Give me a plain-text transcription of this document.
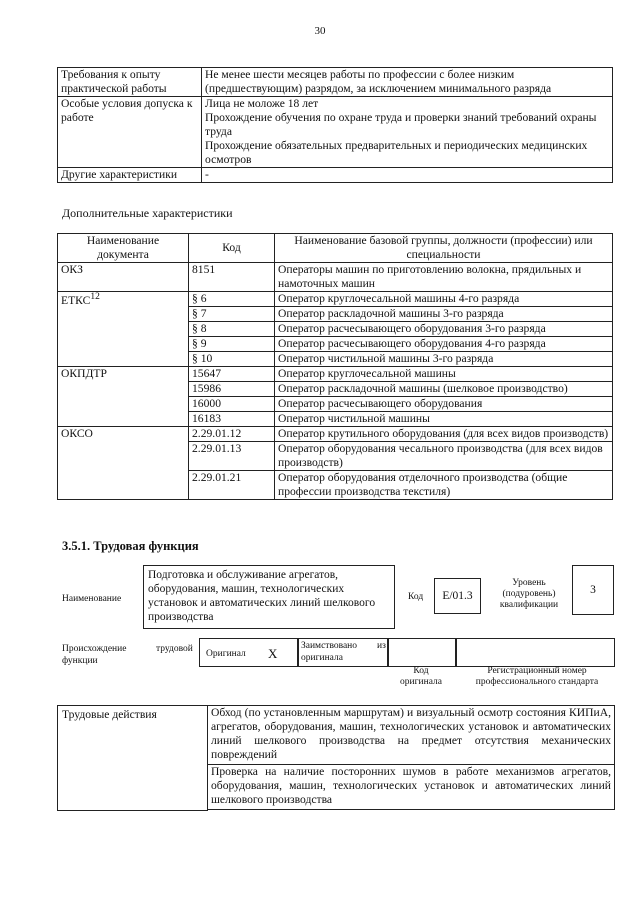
30
Требования к опыту практической работы	Не менее шести месяцев работы по профессии с более низким (предшествующим) разрядом, за исключением минимального разряда
Особые условия допуска к работе	Лица не моложе 18 лет
Прохождение обучения по охране труда и проверки знаний требований охраны труда
Прохождение обязательных предварительных и периодических медицинских осмотров

Другие характеристики	-
Дополнительные характеристики
Наименование документа	Код	Наименование базовой группы, должности (профессии) или специальности
ОКЗ	8151	Операторы машин по приготовлению волокна, прядильных и намоточных машин
ЕТКС$^{12}$	§ 6	Оператор круглочесальной машины 4-го разряда
	§ 7	Оператор раскладочной машины 3-го разряда
	§ 8	Оператор расчесывающего оборудования 3-го разряда
	§ 9	Оператор расчесывающего оборудования 4-го разряда
	§ 10	Оператор чистильной машины 3-го разряда
ОКПДТР	15647	Оператор круглочесальной машины
	15986	Оператор раскладочной машины (шелковое производство)
	16000	Оператор расчесывающего оборудования
	16183	Оператор чистильной машины
ОКСО	2.29.01.12	Оператор крутильного оборудования (для всех видов производств)
	2.29.01.13	Оператор оборудования чесального производства (для всех видов производств)
	2.29.01.21	Оператор оборудования отделочного производства (общие профессии производства текстиля)
3.5.1. Трудовая функция
Наименование
Подготовка и обслуживание агрегатов, оборудования, машин, технологических установок и автоматических линий шелкового производства
Код E/01.3
Уровень (подуровень) квалификации
3
Происхождение	трудовой
функции
Оригинал X Заимствовано из
оригинала
Код
оригинала
Регистрационный номер профессионального стандарта
Трудовые действия	Обход (по установленным маршрутам) и визуальный осмотр состояния КИПиА, агрегатов, оборудования, машин, технологических установок и автоматических линий шелкового производства на предмет отсутствия механических повреждений
Проверка на наличие посторонних шумов в работе механизмов агрегатов, оборудования, машин, технологических установок и автоматических линий шелкового производства
